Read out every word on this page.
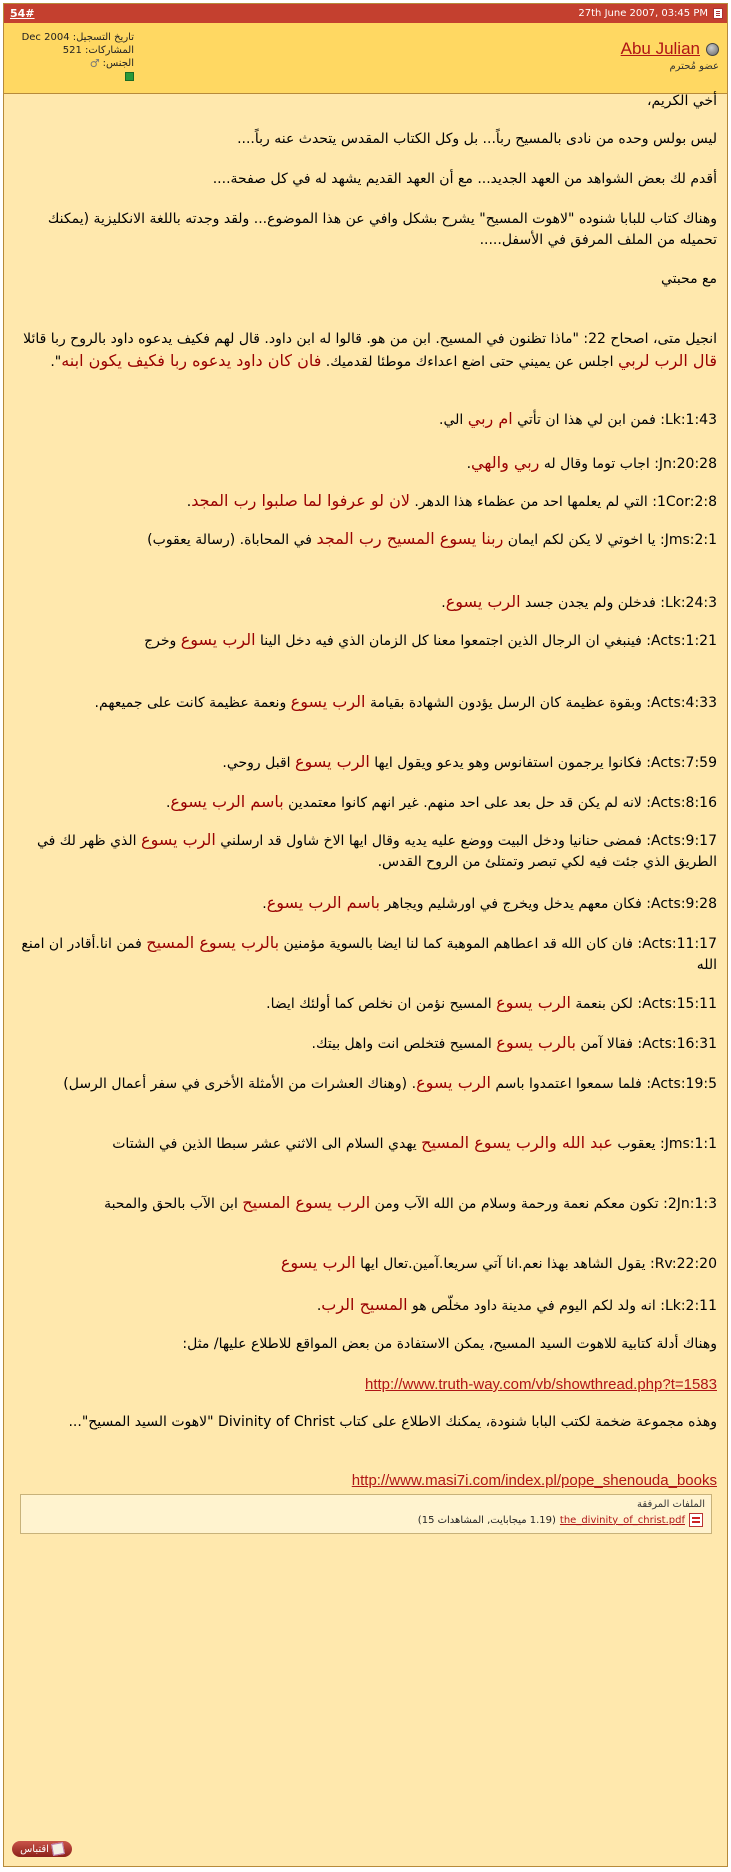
54#	27th June 2007, 03:45 PM
تاريخ التسجيل: Dec 2004
المشاركات: 521
الجنس:
♂
Abu Julian
عضو مُحترم

أخي الكريم،

ليس بولس وحده من نادى بالمسيح رباً... بل وكل الكتاب المقدس يتحدث عنه رباً....

أقدم لك بعض الشواهد من العهد الجديد... مع أن العهد القديم يشهد له في كل صفحة....

وهناك كتاب للبابا شنوده "لاهوت المسيح" يشرح بشكل وافي عن هذا الموضوع... ولقد وجدته باللغة الانكليزية (يمكنك تحميله من الملف المرفق في الأسفل.....

مع محبتي

انجيل متى، اصحاح 22: "ماذا تظنون في المسيح. ابن من هو. قالوا له ابن داود. قال لهم فكيف يدعوه داود بالروح ربا قائلا قال الرب لربي اجلس عن يميني حتى اضع اعداءك موطئا لقدميك. فان كان داود يدعوه ربا فكيف يكون ابنه".

Lk:1:43: فمن ابن لي هذا ان تأتي ام ربي الي.

Jn:20:28: اجاب توما وقال له ربي والهي.

1Cor:2:8: التي لم يعلمها احد من عظماء هذا الدهر. لان لو عرفوا لما صلبوا رب المجد.

Jms:2:1: يا اخوتي لا يكن لكم ايمان ربنا يسوع المسيح رب المجد في المحاباة. (رسالة يعقوب)

Lk:24:3: فدخلن ولم يجدن جسد الرب يسوع.

Acts:1:21: فينبغي ان الرجال الذين اجتمعوا معنا كل الزمان الذي فيه دخل الينا الرب يسوع وخرج

Acts:4:33: وبقوة عظيمة كان الرسل يؤدون الشهادة بقيامة الرب يسوع ونعمة عظيمة كانت على جميعهم.

Acts:7:59: فكانوا يرجمون استفانوس وهو يدعو ويقول ايها الرب يسوع اقبل روحي.

Acts:8:16: لانه لم يكن قد حل بعد على احد منهم. غير انهم كانوا معتمدين باسم الرب يسوع.

Acts:9:17: فمضى حنانيا ودخل البيت ووضع عليه يديه وقال ايها الاخ شاول قد ارسلني الرب يسوع الذي ظهر لك في الطريق الذي جئت فيه لكي تبصر وتمتلئ من الروح القدس.

Acts:9:28: فكان معهم يدخل ويخرج في اورشليم ويجاهر باسم الرب يسوع.

Acts:11:17: فان كان الله قد اعطاهم الموهبة كما لنا ايضا بالسوية مؤمنين بالرب يسوع المسيح فمن انا.أقادر ان امنع الله

Acts:15:11: لكن بنعمة الرب يسوع المسيح نؤمن ان نخلص كما أولئك ايضا.

Acts:16:31: فقالا آمن بالرب يسوع المسيح فتخلص انت واهل بيتك.

Acts:19:5: فلما سمعوا اعتمدوا باسم الرب يسوع. (وهناك العشرات من الأمثلة الأخرى في سفر أعمال الرسل)

Jms:1:1: يعقوب عبد الله والرب يسوع المسيح يهدي السلام الى الاثني عشر سبطا الذين في الشتات

2Jn:1:3: تكون معكم نعمة ورحمة وسلام من الله الآب ومن الرب يسوع المسيح ابن الآب بالحق والمحبة

Rv:22:20: يقول الشاهد بهذا نعم.انا آتي سريعا.آمين.تعال ايها الرب يسوع

Lk:2:11: انه ولد لكم اليوم في مدينة داود مخلّص هو المسيح الرب.

وهناك أدلة كتابية للاهوت السيد المسيح، يمكن الاستفادة من بعض المواقع للاطلاع عليها/ مثل:

http://www.truth-way.com/vb/showthread.php?t=1583

وهذه مجموعة ضخمة لكتب البابا شنودة، يمكنك الاطلاع على كتاب Divinity of Christ "لاهوت السيد المسيح"...

http://www.masi7i.com/index.pl/pope_shenouda_books

الملفات المرفقة
the_divinity_of_christ.pdf
(1.19 ميجابايت, المشاهدات 15)
اقتباس
